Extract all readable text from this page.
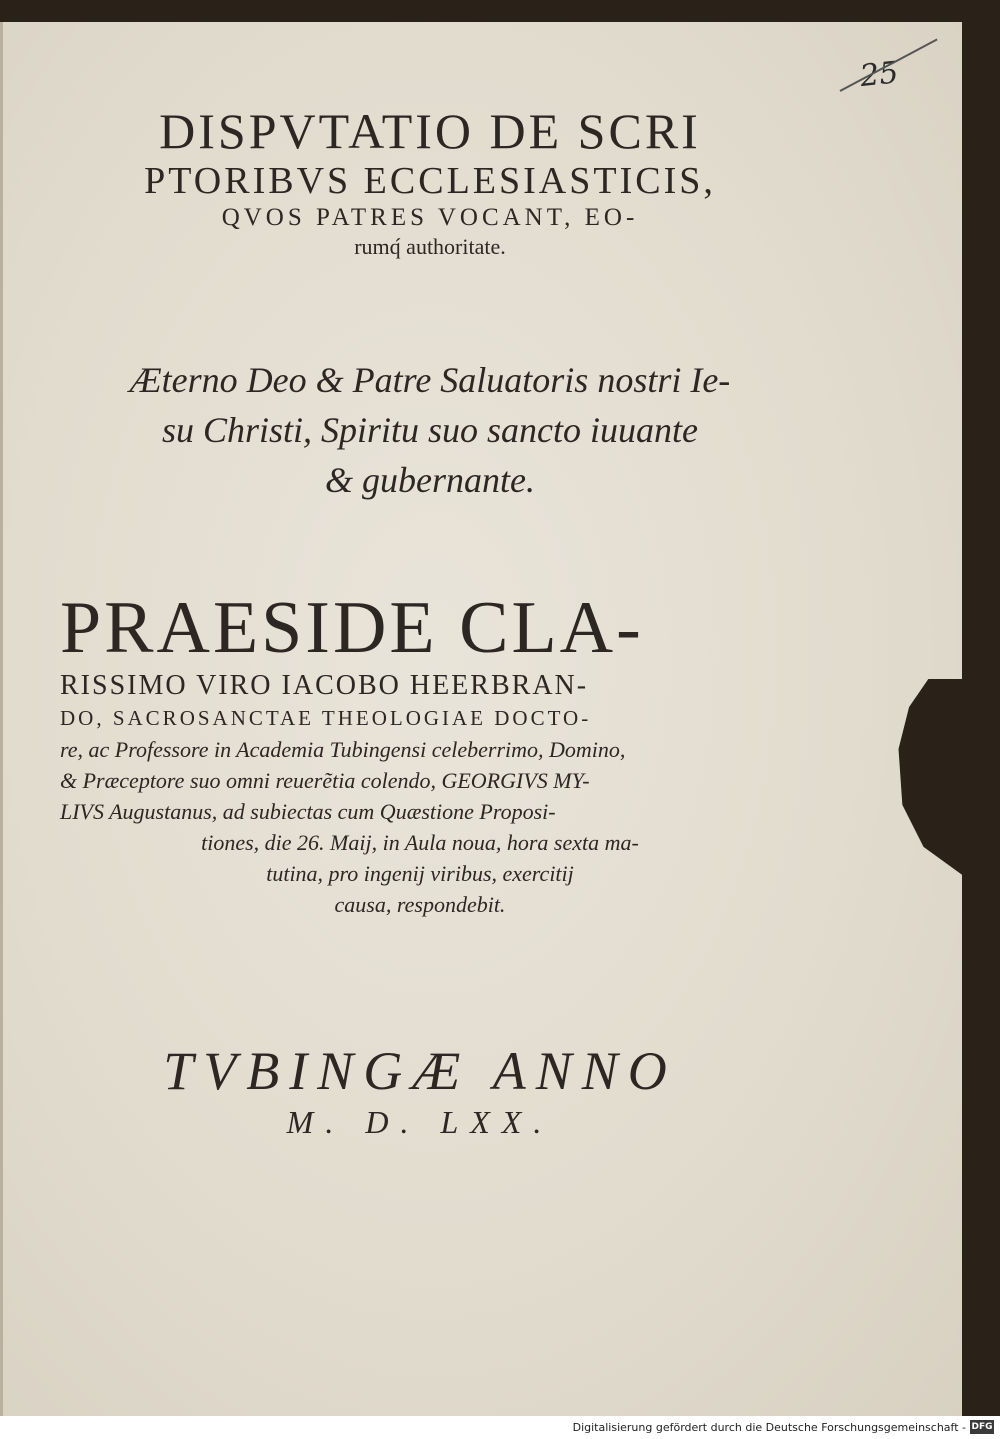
25
DISPVTATIO DE SCRI
PTORIBVS ECCLESIASTICIS,
QVOS PATRES VOCANT, EO-
rumq́ authoritate.
Æterno Deo & Patre Saluatoris nostri Ie-
su Christi, Spiritu suo sancto iuuante
& gubernante.
PRAESIDE CLA-
RISSIMO VIRO IACOBO HEERBRAN-
DO, SACROSANCTAE THEOLOGIAE DOCTO-
re, ac Professore in Academia Tubingensi celeberrimo, Domino,
& Præceptore suo omni reuerẽtia colendo, GEORGIVS MY-
LIVS Augustanus, ad subiectas cum Quæstione Proposi-
tiones, die 26. Maij, in Aula noua, hora sexta ma-
tutina, pro ingenij viribus, exercitij
causa, respondebit.
TVBINGÆ ANNO
M. D. LXX.
Digitalisierung gefördert durch die Deutsche Forschungsgemeinschaft - DFG
